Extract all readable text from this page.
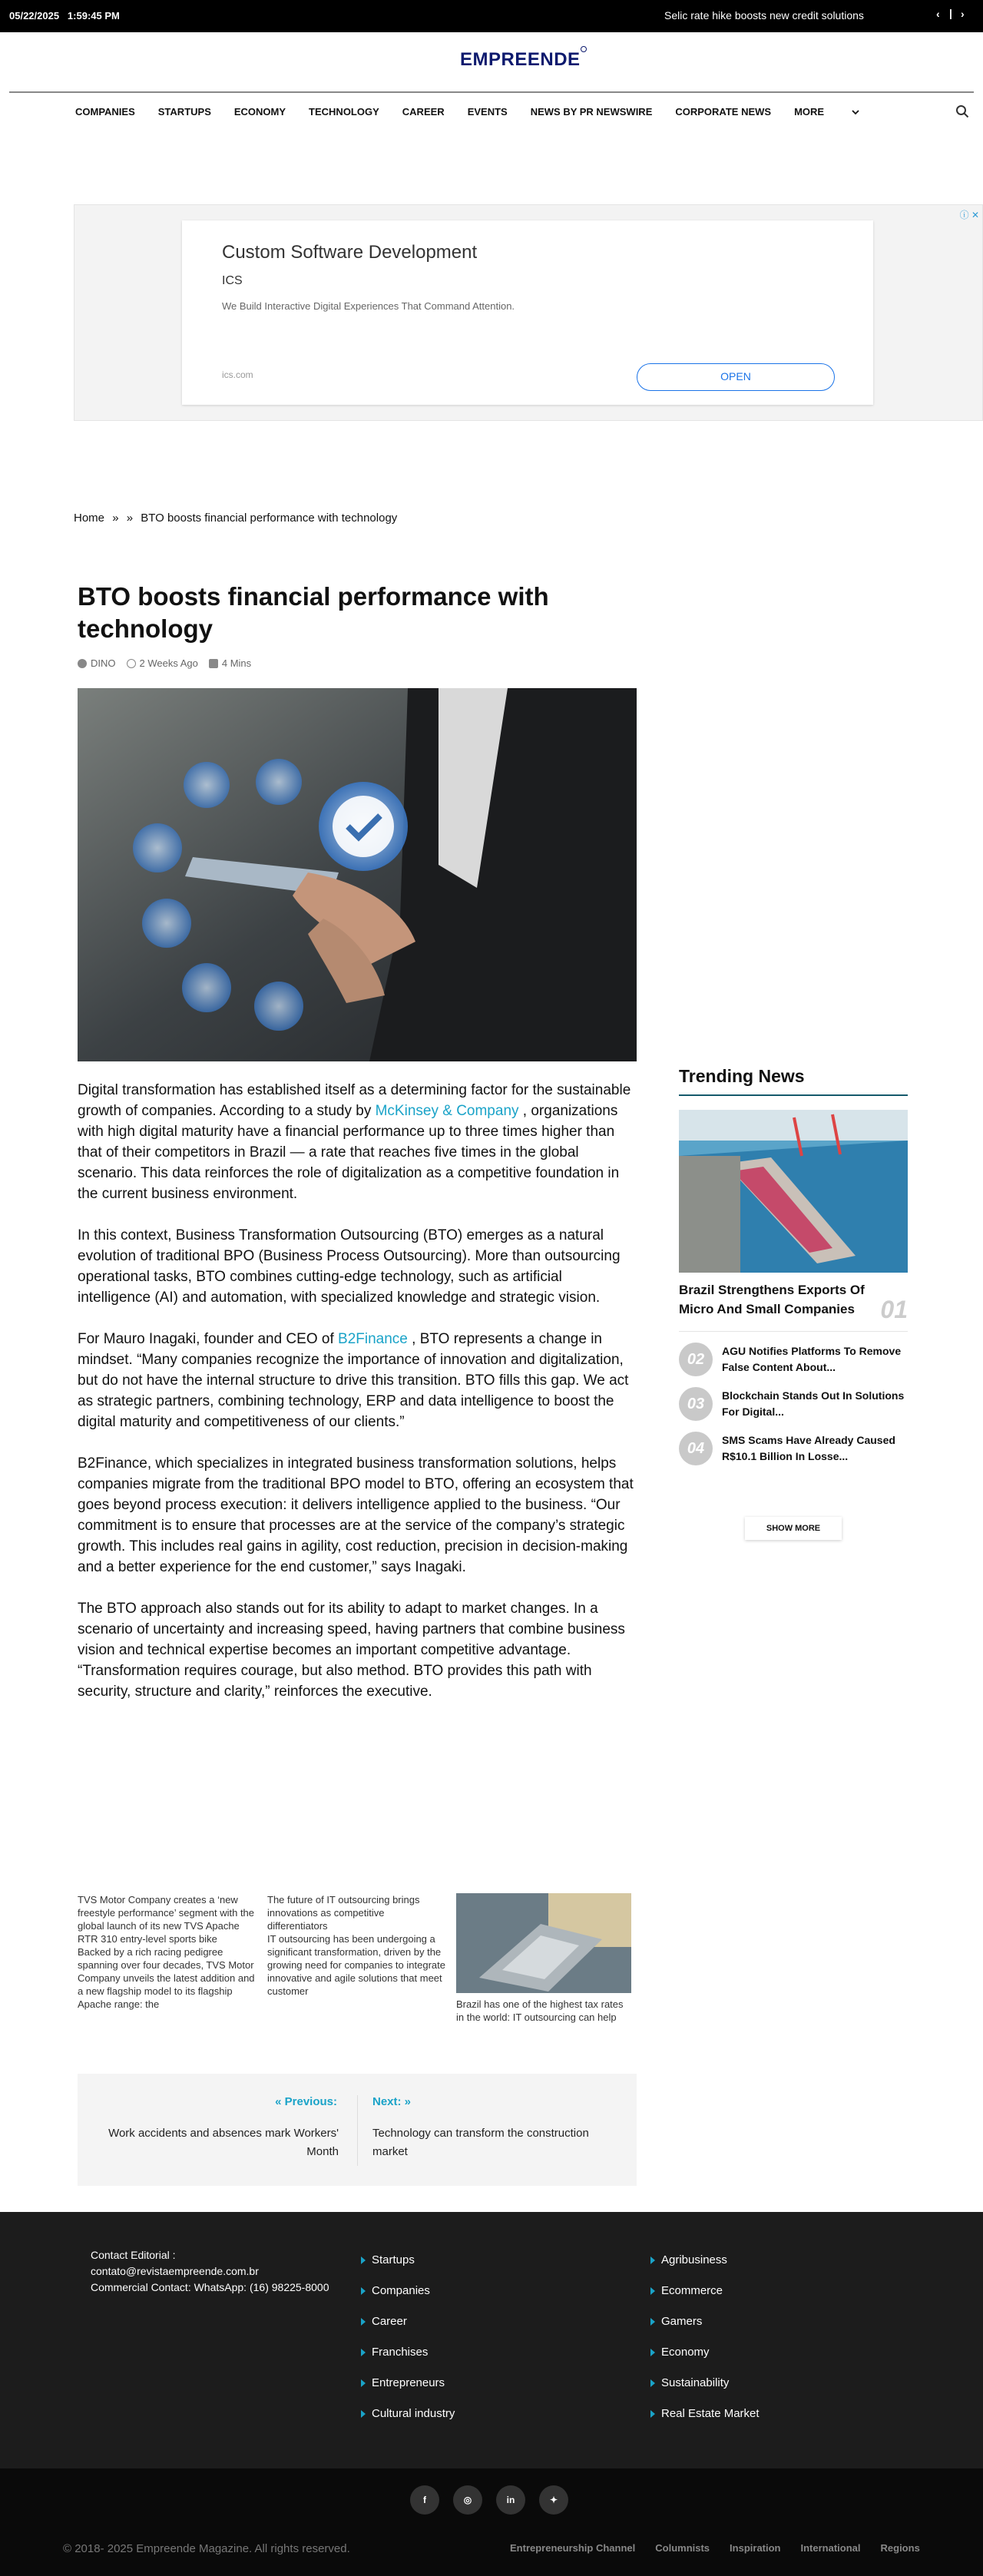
05/22/2025 1:59:45 PM	Selic rate hike boosts new credit solutions	‹ | ›
EMPREENDE
COMPANIES STARTUPS ECONOMY TECHNOLOGY CAREER EVENTS NEWS BY PR NEWSWIRE CORPORATE NEWS MORE
ⓘ ✕
Custom Software Development
ICS
We Build Interactive Digital Experiences That Command Attention.
ics.com	OPEN
Home » » BTO boosts financial performance with technology
BTO boosts financial performance with technology
DINO 2 Weeks Ago 4 Mins

Digital transformation has established itself as a determining factor for the sustainable growth of companies. According to a study by McKinsey & Company , organizations with high digital maturity have a financial performance up to three times higher than that of their competitors in Brazil — a rate that reaches five times in the global scenario. This data reinforces the role of digitalization as a competitive foundation in the current business environment.

In this context, Business Transformation Outsourcing (BTO) emerges as a natural evolution of traditional BPO (Business Process Outsourcing). More than outsourcing operational tasks, BTO combines cutting-edge technology, such as artificial intelligence (AI) and automation, with specialized knowledge and strategic vision.

For Mauro Inagaki, founder and CEO of B2Finance , BTO represents a change in mindset. “Many companies recognize the importance of innovation and digitalization, but do not have the internal structure to drive this transition. BTO fills this gap. We act as strategic partners, combining technology, ERP and data intelligence to boost the digital maturity and competitiveness of our clients.”

B2Finance, which specializes in integrated business transformation solutions, helps companies migrate from the traditional BPO model to BTO, offering an ecosystem that goes beyond process execution: it delivers intelligence applied to the business. “Our commitment is to ensure that processes are at the service of the company’s strategic growth. This includes real gains in agility, cost reduction, precision in decision-making and a better experience for the end customer,” says Inagaki.

The BTO approach also stands out for its ability to adapt to market changes. In a scenario of uncertainty and increasing speed, having partners that combine business vision and technical expertise becomes an important competitive advantage. “Transformation requires courage, but also method. BTO provides this path with security, structure and clarity,” reinforces the executive.

Trending News
Brazil Strengthens Exports Of Micro And Small Companies 01
02	AGU Notifies Platforms To Remove False Content About...
03	Blockchain Stands Out In Solutions For Digital...
04	SMS Scams Have Already Caused R$10.1 Billion In Losse...
SHOW MORE
TVS Motor Company creates a ‘new freestyle performance’ segment with the global launch of its new TVS Apache RTR 310 entry-level sports bike
Backed by a rich racing pedigree spanning over four decades, TVS Motor Company unveils the latest addition and a new flagship model to its flagship Apache range: the
The future of IT outsourcing brings innovations as competitive differentiators
IT outsourcing has been undergoing a significant transformation, driven by the growing need for companies to integrate innovative and agile solutions that meet customer
Brazil has one of the highest tax rates in the world: IT outsourcing can help
« Previous:
Work accidents and absences mark Workers' Month
Next: »
Technology can transform the construction market
Contact Editorial :
contato@revistaempreende.com.br
Commercial Contact: WhatsApp: (16) 98225-8000
Startups
Companies
Career
Franchises
Entrepreneurs
Cultural industry
Agribusiness
Ecommerce
Gamers
Economy
Sustainability
Real Estate Market
f	◎	in	✦
© 2018- 2025 Empreende Magazine. All rights reserved.	Entrepreneurship Channel Columnists Inspiration International Regions
